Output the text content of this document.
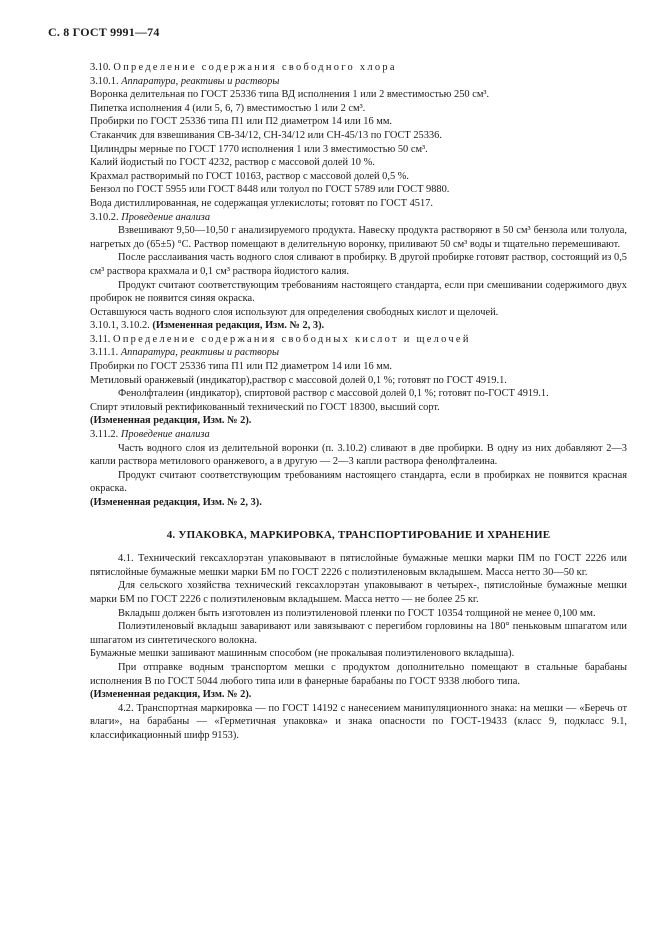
С. 8 ГОСТ 9991—74

3.10. Определение содержания свободного хлора

3.10.1. Аппаратура, реактивы и растворы

Воронка делительная по ГОСТ 25336 типа ВД исполнения 1 или 2 вместимостью 250 см³.

Пипетка исполнения 4 (или 5, 6, 7) вместимостью 1 или 2 см³.

Пробирки по ГОСТ 25336 типа П1 или П2 диаметром 14 или 16 мм.

Стаканчик для взвешивания СВ-34/12, СН-34/12 или СН-45/13 по ГОСТ 25336.

Цилиндры мерные по ГОСТ 1770 исполнения 1 или 3 вместимостью 50 см³.

Калий йодистый по ГОСТ 4232, раствор с массовой долей 10 %.

Крахмал растворимый по ГОСТ 10163, раствор с массовой долей 0,5 %.

Бензол по ГОСТ 5955 или ГОСТ 8448 или толуол по ГОСТ 5789 или ГОСТ 9880.

Вода дистиллированная, не содержащая углекислоты; готовят по ГОСТ 4517.

3.10.2. Проведение анализа

Взвешивают 9,50—10,50 г анализируемого продукта. Навеску продукта растворяют в 50 см³ бензола или толуола, нагретых до (65±5) °С. Раствор помещают в делительную воронку, приливают 50 см³ воды и тщательно перемешивают.

После расслаивания часть водного слоя сливают в пробирку. В другой пробирке готовят раствор, состоящий из 0,5 см³ раствора крахмала и 0,1 см³ раствора йодистого калия.

Продукт считают соответствующим требованиям настоящего стандарта, если при смешивании содержимого двух пробирок не появится синяя окраска.

Оставшуюся часть водного слоя используют для определения свободных кислот и щелочей.

3.10.1, 3.10.2. (Измененная редакция, Изм. № 2, 3).

3.11. Определение содержания свободных кислот и щелочей

3.11.1. Аппаратура, реактивы и растворы

Пробирки по ГОСТ 25336 типа П1 или П2 диаметром 14 или 16 мм.

Метиловый оранжевый (индикатор),раствор с массовой долей 0,1 %; готовят по ГОСТ 4919.1.

Фенолфталеин (индикатор), спиртовой раствор с массовой долей 0,1 %; готовят по-ГОСТ 4919.1.

Спирт этиловый ректификованный технический по ГОСТ 18300, высший сорт.

(Измененная редакция, Изм. № 2).

3.11.2. Проведение анализа

Часть водного слоя из делительной воронки (п. 3.10.2) сливают в две пробирки. В одну из них добавляют 2—3 капли раствора метилового оранжевого, а в другую — 2—3 капли раствора фенолфталеина.

Продукт считают соответствующим требованиям настоящего стандарта, если в пробирках не появится красная окраска.

(Измененная редакция, Изм. № 2, 3).

4. УПАКОВКА, МАРКИРОВКА, ТРАНСПОРТИРОВАНИЕ И ХРАНЕНИЕ

4.1. Технический гексахлорэтан упаковывают в пятислойные бумажные мешки марки ПМ по ГОСТ 2226 или пятислойные бумажные мешки марки БМ по ГОСТ 2226 с полиэтиленовым вкладышем. Масса нетто 30—50 кг.

Для сельского хозяйства технический гексахлорэтан упаковывают в четырех-, пятислойные бумажные мешки марки БМ по ГОСТ 2226 с полиэтиленовым вкладышем. Масса нетто — не более 25 кг.

Вкладыш должен быть изготовлен из полиэтиленовой пленки по ГОСТ 10354 толщиной не менее 0,100 мм.

Полиэтиленовый вкладыш заваривают или завязывают с перегибом горловины на 180° пеньковым шпагатом или шпагатом из синтетического волокна.

Бумажные мешки зашивают машинным способом (не прокалывая полиэтиленового вкладыша).

При отправке водным транспортом мешки с продуктом дополнительно помещают в стальные барабаны исполнения В по ГОСТ 5044 любого типа или в фанерные барабаны по ГОСТ 9338 любого типа.

(Измененная редакция, Изм. № 2).

4.2. Транспортная маркировка — по ГОСТ 14192 с нанесением манипуляционного знака: на мешки — «Беречь от влаги», на барабаны — «Герметичная упаковка» и знака опасности по ГОСТ-19433 (класс 9, подкласс 9.1, классификационный шифр 9153).
